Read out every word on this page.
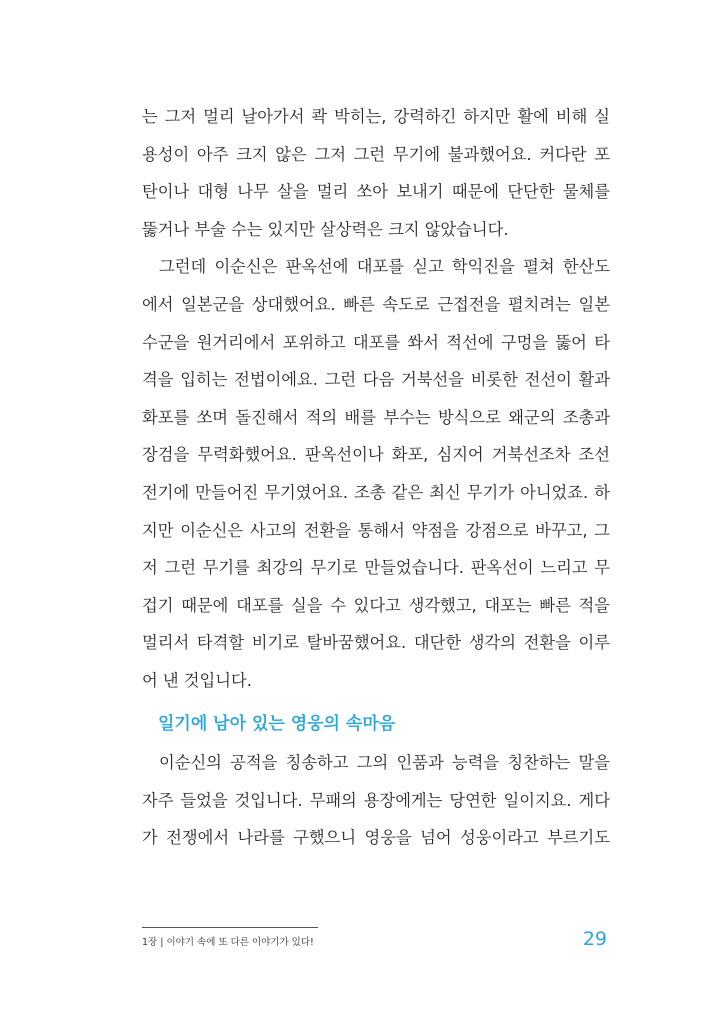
는 그저 멀리 날아가서 콱 박히는, 강력하긴 하지만 활에 비해 실
용성이 아주 크지 않은 그저 그런 무기에 불과했어요. 커다란 포
탄이나 대형 나무 살을 멀리 쏘아 보내기 때문에 단단한 물체를
뚫거나 부술 수는 있지만 살상력은 크지 않았습니다.
그런데 이순신은 판옥선에 대포를 싣고 학익진을 펼쳐 한산도
에서 일본군을 상대했어요. 빠른 속도로 근접전을 펼치려는 일본
수군을 원거리에서 포위하고 대포를 쏴서 적선에 구멍을 뚫어 타
격을 입히는 전법이에요. 그런 다음 거북선을 비롯한 전선이 활과
화포를 쏘며 돌진해서 적의 배를 부수는 방식으로 왜군의 조총과
장검을 무력화했어요. 판옥선이나 화포, 심지어 거북선조차 조선
전기에 만들어진 무기였어요. 조총 같은 최신 무기가 아니었죠. 하
지만 이순신은 사고의 전환을 통해서 약점을 강점으로 바꾸고, 그
저 그런 무기를 최강의 무기로 만들었습니다. 판옥선이 느리고 무
겁기 때문에 대포를 실을 수 있다고 생각했고, 대포는 빠른 적을
멀리서 타격할 비기로 탈바꿈했어요. 대단한 생각의 전환을 이루
어 낸 것입니다.
일기에 남아 있는 영웅의 속마음
이순신의 공적을 칭송하고 그의 인품과 능력을 칭찬하는 말을
자주 들었을 것입니다. 무패의 용장에게는 당연한 일이지요. 게다
가 전쟁에서 나라를 구했으니 영웅을 넘어 성웅이라고 부르기도
1장 | 이야기 속에 또 다른 이야기가 있다!	29
